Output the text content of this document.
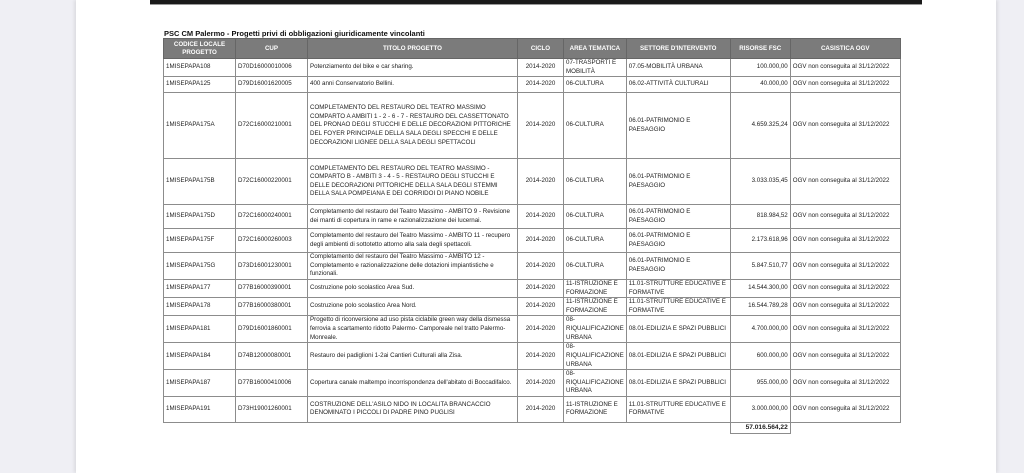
PSC CM Palermo - Progetti privi di obbligazioni giuridicamente vincolanti
CODICE LOCALE PROGETTO	CUP	TITOLO PROGETTO	CICLO	AREA TEMATICA	SETTORE D'INTERVENTO	RISORSE FSC	CASISTICA OGV
1MISEPAPA108	D70D16000010006	Potenziamento del bike e car sharing.	2014-2020	07-TRASPORTI E MOBILITÀ	07.05-MOBILITÀ URBANA	100.000,00	OGV non conseguita al 31/12/2022
1MISEPAPA125	D79D16001620005	400 anni Conservatorio Bellini.	2014-2020	06-CULTURA	06.02-ATTIVITÀ CULTURALI	40.000,00	OGV non conseguita al 31/12/2022
1MISEPAPA175A	D72C16000210001	COMPLETAMENTO DEL RESTAURO DEL TEATRO MASSIMO COMPARTO A AMBITI 1 - 2 - 6 - 7 - RESTAURO DEL CASSETTONATO DEL PRONAO DEGLI STUCCHI E DELLE DECORAZIONI PITTORICHE DEL FOYER PRINCIPALE DELLA SALA DEGLI SPECCHI E DELLE DECORAZIONI LIGNEE DELLA SALA DEGLI SPETTACOLI	2014-2020	06-CULTURA	06.01-PATRIMONIO E PAESAGGIO	4.659.325,24	OGV non conseguita al 31/12/2022
1MISEPAPA175B	D72C16000220001	COMPLETAMENTO DEL RESTAURO DEL TEATRO MASSIMO - COMPARTO B - AMBITI 3 - 4 - 5 - RESTAURO DEGLI STUCCHI E DELLE DECORAZIONI PITTORICHE DELLA SALA DEGLI STEMMI DELLA SALA POMPEIANA E DEI CORRIDOI DI PIANO NOBILE	2014-2020	06-CULTURA	06.01-PATRIMONIO E PAESAGGIO	3.033.035,45	OGV non conseguita al 31/12/2022
1MISEPAPA175D	D72C16000240001	Completamento del restauro del Teatro Massimo - AMBITO 9 - Revisione dei manti di copertura in rame e razionalizzazione dei lucernai.	2014-2020	06-CULTURA	06.01-PATRIMONIO E PAESAGGIO	818.984,52	OGV non conseguita al 31/12/2022
1MISEPAPA175F	D72C16000260003	Completamento del restauro del Teatro Massimo - AMBITO 11 - recupero degli ambienti di sottotetto attorno alla sala degli spettacoli.	2014-2020	06-CULTURA	06.01-PATRIMONIO E PAESAGGIO	2.173.618,96	OGV non conseguita al 31/12/2022
1MISEPAPA175G	D73D16001230001	Completamento del restauro del Teatro Massimo - AMBITO 12 - Completamento e razionalizzazione delle dotazioni impiantistiche e funzionali.	2014-2020	06-CULTURA	06.01-PATRIMONIO E PAESAGGIO	5.847.510,77	OGV non conseguita al 31/12/2022
1MISEPAPA177	D77B16000390001	Costruzione polo scolastico Area Sud.	2014-2020	11-ISTRUZIONE E FORMAZIONE	11.01-STRUTTURE EDUCATIVE E FORMATIVE	14.544.300,00	OGV non conseguita al 31/12/2022
1MISEPAPA178	D77B16000380001	Costruzione polo scolastico Area Nord.	2014-2020	11-ISTRUZIONE E FORMAZIONE	11.01-STRUTTURE EDUCATIVE E FORMATIVE	16.544.789,28	OGV non conseguita al 31/12/2022
1MISEPAPA181	D79D16001860001	Progetto di riconversione ad uso pista ciclabile green way della dismessa ferrovia a scartamento ridotto Palermo- Camporeale nel tratto Palermo-Monreale.	2014-2020	08-RIQUALIFICAZIONE URBANA	08.01-EDILIZIA E SPAZI PUBBLICI	4.700.000,00	OGV non conseguita al 31/12/2022
1MISEPAPA184	D74B12000080001	Restauro dei padiglioni 1-2ai Cantieri Culturali alla Zisa.	2014-2020	08-RIQUALIFICAZIONE URBANA	08.01-EDILIZIA E SPAZI PUBBLICI	600.000,00	OGV non conseguita al 31/12/2022
1MISEPAPA187	D77B16000410006	Copertura canale maltempo incorrispondenza dell'abitato di Boccadifalco.	2014-2020	08-RIQUALIFICAZIONE URBANA	08.01-EDILIZIA E SPAZI PUBBLICI	955.000,00	OGV non conseguita al 31/12/2022
1MISEPAPA191	D73H19001260001	COSTRUZIONE DELL'ASILO NIDO IN LOCALITA BRANCACCIO DENOMINATO I PICCOLI DI PADRE PINO PUGLISI	2014-2020	11-ISTRUZIONE E FORMAZIONE	11.01-STRUTTURE EDUCATIVE E FORMATIVE	3.000.000,00	OGV non conseguita al 31/12/2022
						57.016.564,22	
